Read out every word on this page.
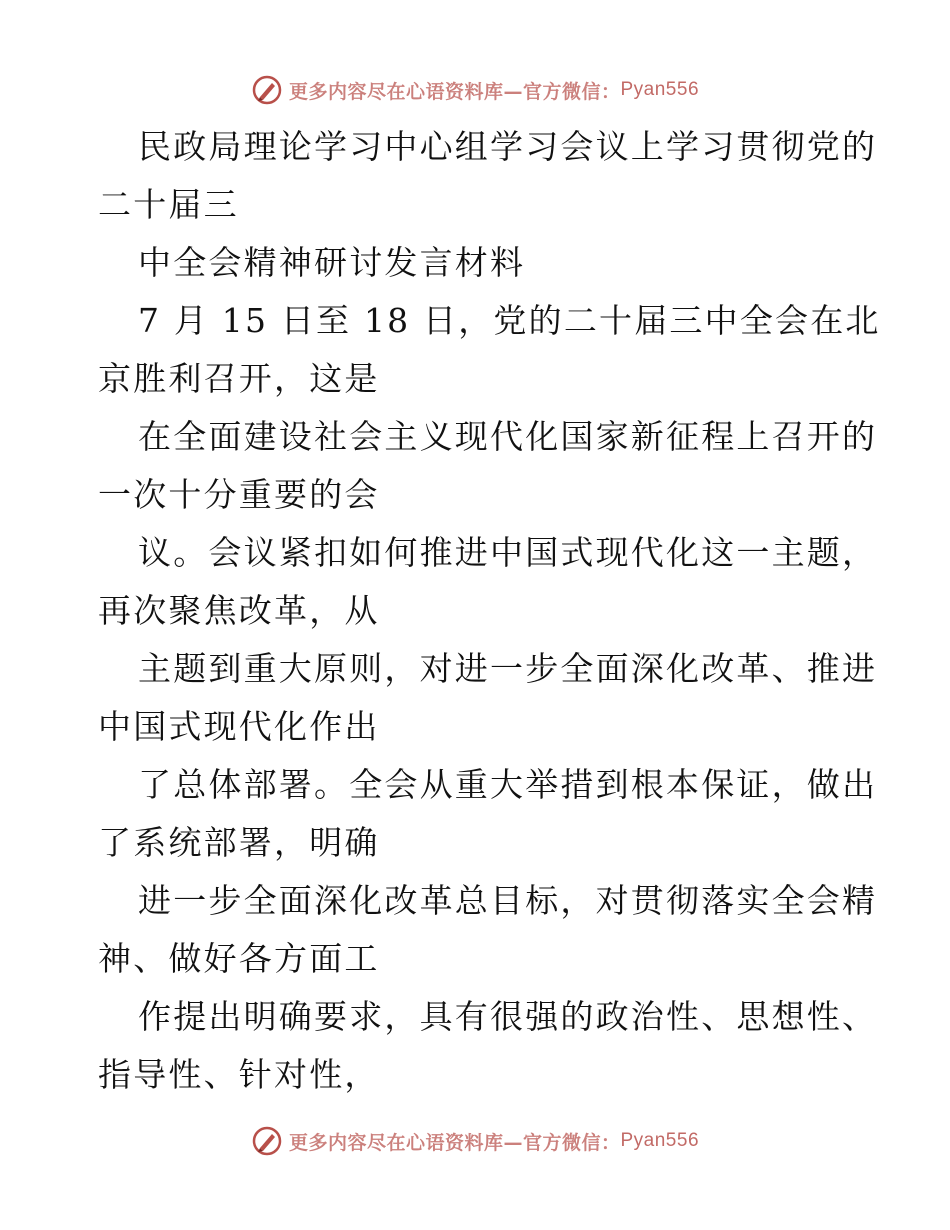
更多内容尽在心语资料库—官方微信： Pyan556
民政局理论学习中心组学习会议上学习贯彻党的
二十届三
中全会精神研讨发言材料
7 月 15 日至 18 日，党的二十届三中全会在北
京胜利召开，这是
在全面建设社会主义现代化国家新征程上召开的
一次十分重要的会
议。会议紧扣如何推进中国式现代化这一主题，
再次聚焦改革，从
主题到重大原则，对进一步全面深化改革、推进
中国式现代化作出
了总体部署。全会从重大举措到根本保证，做出
了系统部署，明确
进一步全面深化改革总目标，对贯彻落实全会精
神、做好各方面工
作提出明确要求，具有很强的政治性、思想性、
指导性、针对性，
更多内容尽在心语资料库—官方微信： Pyan556
